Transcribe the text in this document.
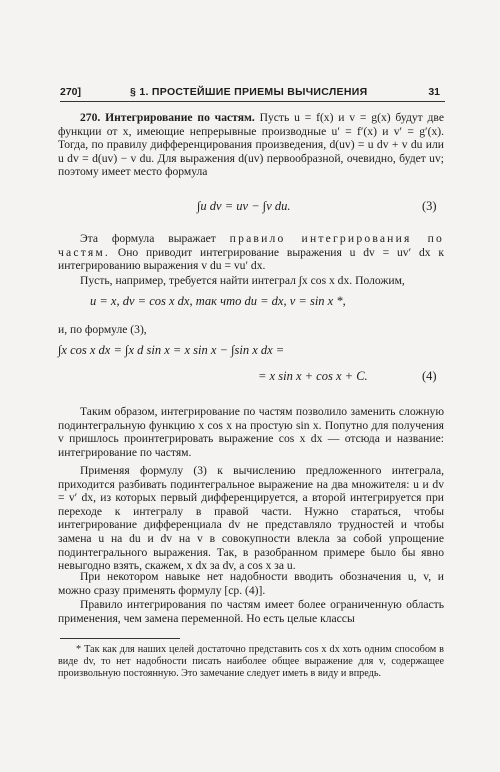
270]	§ 1. ПРОСТЕЙШИЕ ПРИЕМЫ ВЫЧИСЛЕНИЯ	31
270. Интегрирование по частям. Пусть u = f(x) и v = g(x) будут две функции от x, имеющие непрерывные производные u′ = f′(x) и v′ = g′(x). Тогда, по правилу дифференцирования произведения, d(uv) = u dv + v du или u dv = d(uv) − v du. Для выражения d(uv) первообразной, очевидно, будет uv; поэтому имеет место формула
∫u dv = uv − ∫v du.	(3)
Эта формула выражает правило интегрирования по частям. Оно приводит интегрирование выражения u dv = uv′ dx к интегрированию выражения v du = vu′ dx.
Пусть, например, требуется найти интеграл ∫x cos x dx. Положим,
u = x, dv = cos x dx, так что du = dx, v = sin x *,
и, по формуле (3),
∫x cos x dx = ∫x d sin x = x sin x − ∫sin x dx =
= x sin x + cos x + C.	(4)
Таким образом, интегрирование по частям позволило заменить сложную подинтегральную функцию x cos x на простую sin x. Попутно для получения v пришлось проинтегрировать выражение cos x dx — отсюда и название: интегрирование по частям.
Применяя формулу (3) к вычислению предложенного интеграла, приходится разбивать подинтегральное выражение на два множителя: u и dv = v′ dx, из которых первый дифференцируется, а второй интегрируется при переходе к интегралу в правой части. Нужно стараться, чтобы интегрирование дифференциала dv не представляло трудностей и чтобы замена u на du и dv на v в совокупности влекла за собой упрощение подинтегрального выражения. Так, в разобранном примере было бы явно невыгодно взять, скажем, x dx за dv, а cos x за u.
При некотором навыке нет надобности вводить обозначения u, v, и можно сразу применять формулу [ср. (4)].
Правило интегрирования по частям имеет более ограниченную область применения, чем замена переменной. Но есть целые классы
* Так как для наших целей достаточно представить cos x dx хоть одним способом в виде dv, то нет надобности писать наиболее общее выражение для v, содержащее произвольную постоянную. Это замечание следует иметь в виду и впредь.
